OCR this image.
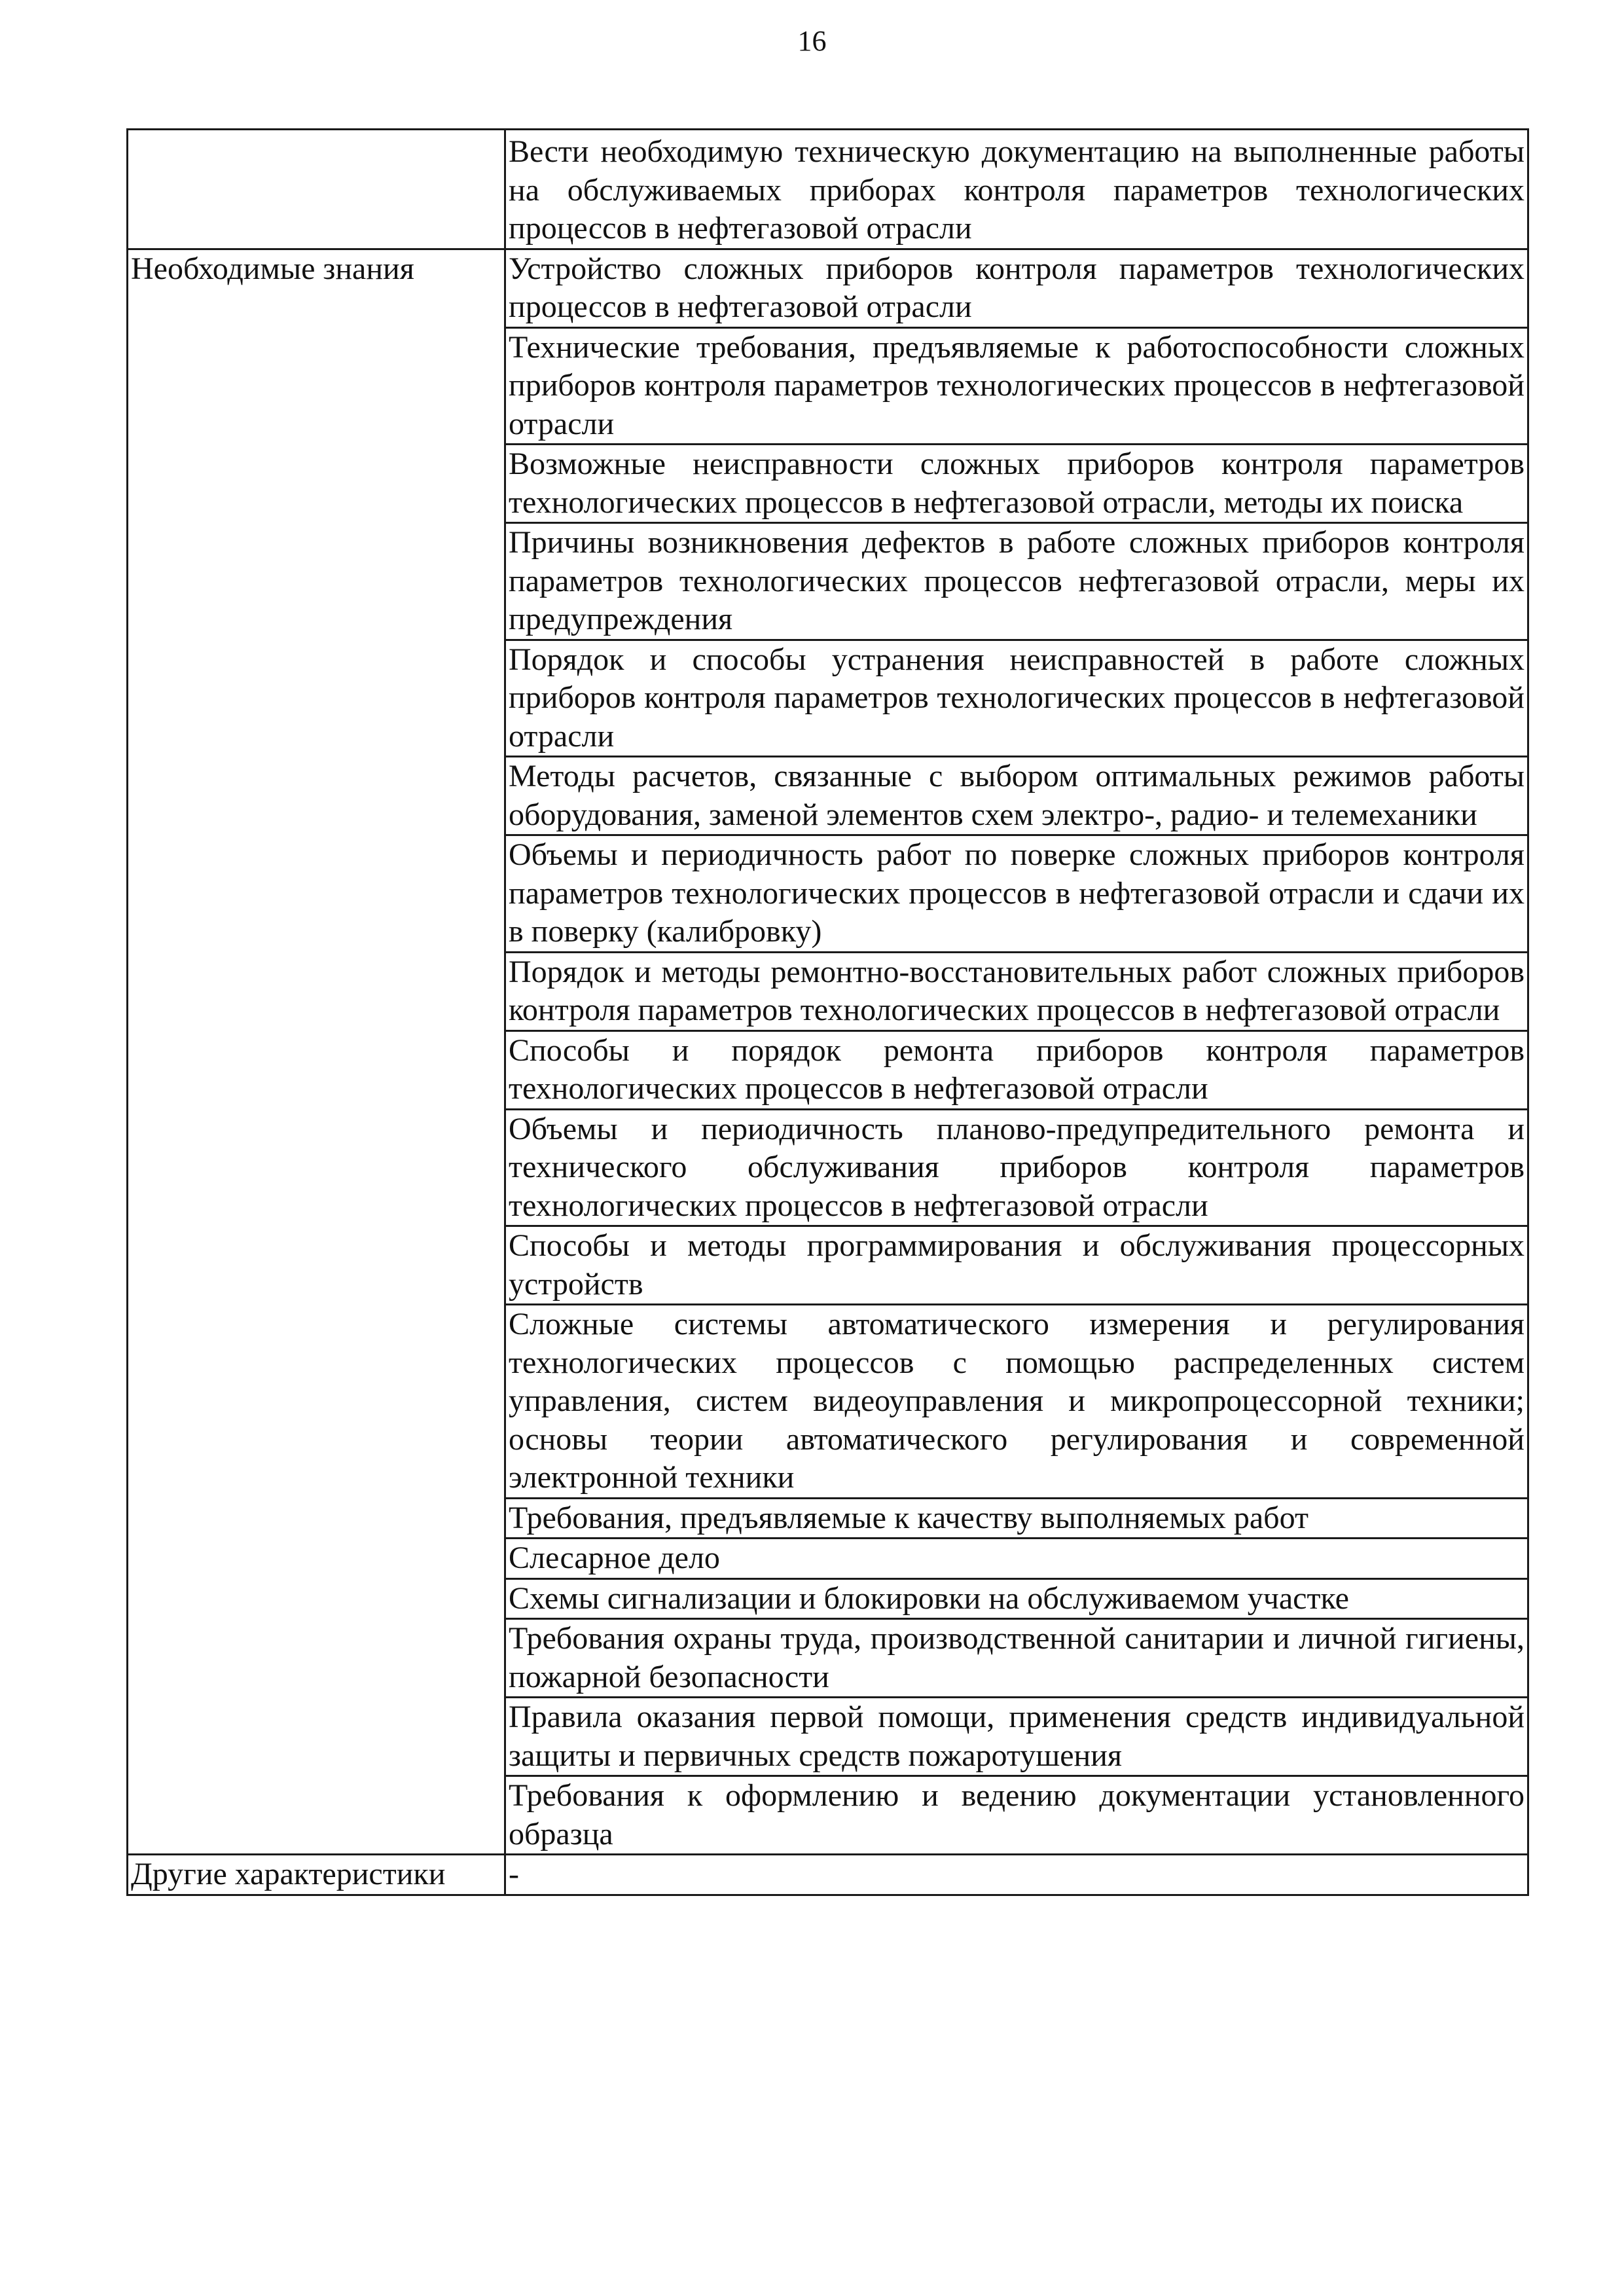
16
	Вести необходимую техническую документацию на выполненные работы на обслуживаемых приборах контроля параметров технологических процессов в нефтегазовой отрасли
Необходимые знания	Устройство сложных приборов контроля параметров технологических процессов в нефтегазовой отрасли
	Технические требования, предъявляемые к работоспособности сложных приборов контроля параметров технологических процессов в нефтегазовой отрасли
	Возможные неисправности сложных приборов контроля параметров технологических процессов в нефтегазовой отрасли, методы их поиска
	Причины возникновения дефектов в работе сложных приборов контроля параметров технологических процессов нефтегазовой отрасли, меры их предупреждения
	Порядок и способы устранения неисправностей в работе сложных приборов контроля параметров технологических процессов в нефтегазовой отрасли
	Методы расчетов, связанные с выбором оптимальных режимов работы оборудования, заменой элементов схем электро-, радио- и телемеханики
	Объемы и периодичность работ по поверке сложных приборов контроля параметров технологических процессов в нефтегазовой отрасли и сдачи их в поверку (калибровку)
	Порядок и методы ремонтно-восстановительных работ сложных приборов контроля параметров технологических процессов в нефтегазовой отрасли
	Способы и порядок ремонта приборов контроля параметров технологических процессов в нефтегазовой отрасли
	Объемы и периодичность планово-предупредительного ремонта и технического обслуживания приборов контроля параметров технологических процессов в нефтегазовой отрасли
	Способы и методы программирования и обслуживания процессорных устройств
	Сложные системы автоматического измерения и регулирования технологических процессов с помощью распределенных систем управления, систем видеоуправления и микропроцессорной техники; основы теории автоматического регулирования и современной электронной техники
	Требования, предъявляемые к качеству выполняемых работ
	Слесарное дело
	Схемы сигнализации и блокировки на обслуживаемом участке
	Требования охраны труда, производственной санитарии и личной гигиены, пожарной безопасности
	Правила оказания первой помощи, применения средств индивидуальной защиты и первичных средств пожаротушения
	Требования к оформлению и ведению документации установленного образца
Другие характеристики	-
